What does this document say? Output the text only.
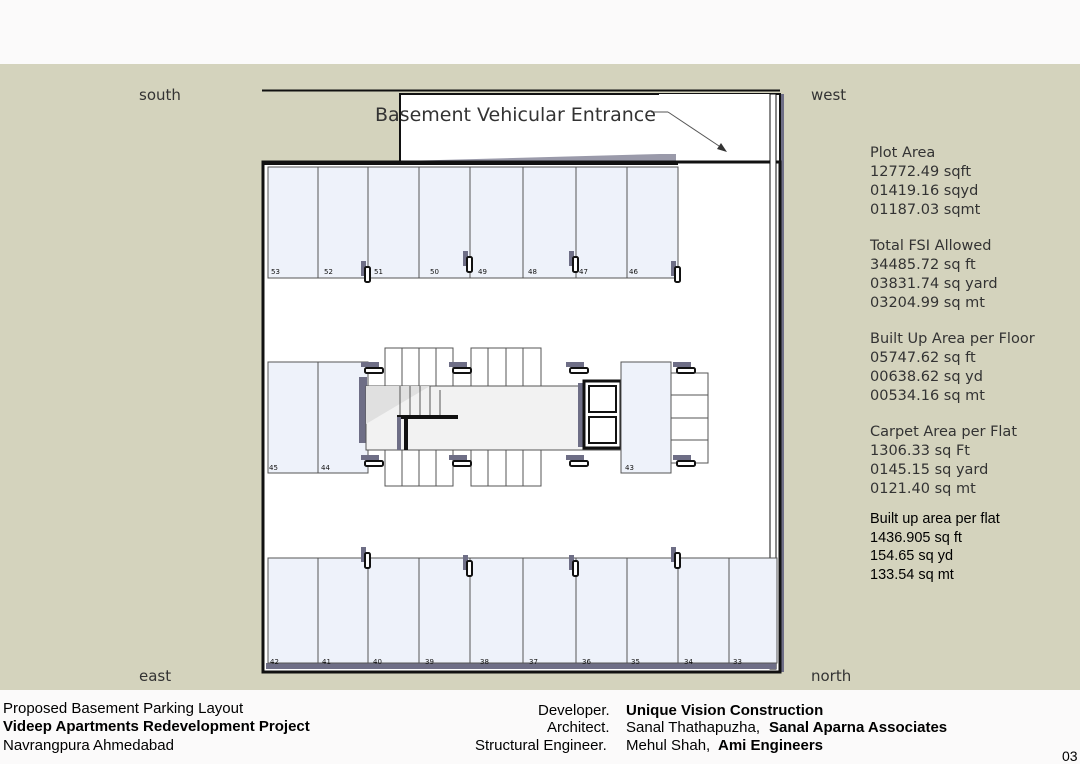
south	west
east	north
Basement Vehicular Entrance
53	52	51	50	49	48	47	46
42	41	40	39	38	37	36	35	34	33
45	44	43
Plot Area
12772.49 sqft
01419.16 sqyd
01187.03 sqmt
Total FSI Allowed
34485.72 sq ft
03831.74 sq yard
03204.99 sq mt
Built Up Area per Floor
05747.62 sq ft
00638.62 sq yd
00534.16 sq mt
Carpet Area per Flat
1306.33 sq Ft
0145.15 sq yard
0121.40 sq mt
Built up area per flat
1436.905 sq ft
154.65 sq yd
133.54 sq mt
Proposed Basement Parking Layout
Videep Apartments Redevelopment Project
Navrangpura Ahmedabad
Developer. Unique Vision Construction
Architect. Sanal Thathapuzha, Sanal Aparna Associates
Structural Engineer. Mehul Shah, Ami Engineers
03
